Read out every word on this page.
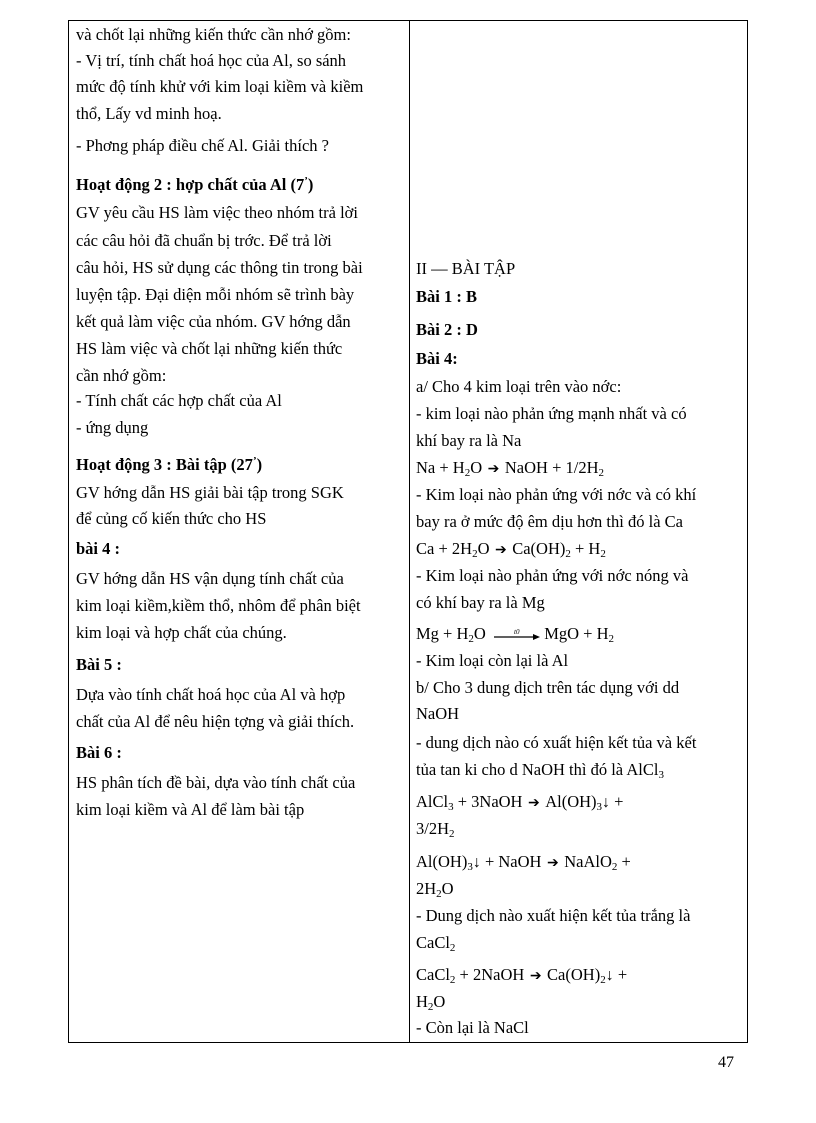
và chốt lại những kiến thức cần nhớ gồm:
- Vị trí, tính chất hoá học của Al, so sánh
mức độ tính khử với kim loại kiềm và kiềm
thổ, Lấy vd minh hoạ.
- Phơng pháp điều chế Al. Giải thích ?
Hoạt động 2 : hợp chất của Al (7’)
GV yêu cầu HS làm việc theo nhóm trả lời
các câu hỏi đã chuẩn bị trớc. Để trả lời
câu hỏi, HS sử dụng các thông tin trong bài
luyện tập. Đại diện mỗi nhóm sẽ trình bày
kết quả làm việc của nhóm. GV hớng dẫn
HS làm việc và chốt lại những kiến thức
cần nhớ gồm:
- Tính chất các hợp chất của Al
- ứng dụng
Hoạt động 3 : Bài tập (27’)
GV hớng dẫn HS giải bài tập trong SGK
để củng cố kiến thức cho HS
bài 4 :
GV hớng dẫn HS vận dụng tính chất của
kim loại kiềm,kiềm thổ, nhôm để phân biệt
kim loại và hợp chất của chúng.
Bài 5 :
Dựa vào tính chất hoá học của Al và hợp
chất của Al để nêu hiện tợng và giải thích.
Bài 6 :
HS phân tích đề bài, dựa vào tính chất của
kim loại kiềm và Al để làm bài tập
II — BÀI TẬP
Bài 1 : B
Bài 2 : D
Bài 4:
a/ Cho 4 kim loại trên vào nớc:
- kim loại nào phản ứng mạnh nhất và có
khí bay ra là Na
$Na + H_2O$ ➔ NaOH + $1/2H_2$
- Kim loại nào phản ứng với nớc và có khí
bay ra ở mức độ êm dịu hơn thì đó là Ca
$Ca + 2H_2O$ ➔ $Ca(OH)_2 + H_2$
- Kim loại nào phản ứng với nớc nóng và
có khí bay ra là Mg
$Mg + H_2O$	t0 MgO + $H_2$
- Kim loại còn lại là Al
b/ Cho 3 dung dịch trên tác dụng với dd
NaOH
- dung dịch nào có xuất hiện kết tủa và kết
tủa tan ki cho d NaOH thì đó là AlCl$_3$
AlCl$_3$ + 3NaOH ➔ $Al(OH)_3↓$ +
$3/2H_2$
$Al(OH)_3↓$ + NaOH ➔ NaAlO$_2$ +
$2H_2O$
- Dung dịch nào xuất hiện kết tủa trắng là
CaCl$_2$
CaCl$_2$ + 2NaOH ➔ $Ca(OH)_2↓$ +
$H_2O$
- Còn lại là NaCl
47
